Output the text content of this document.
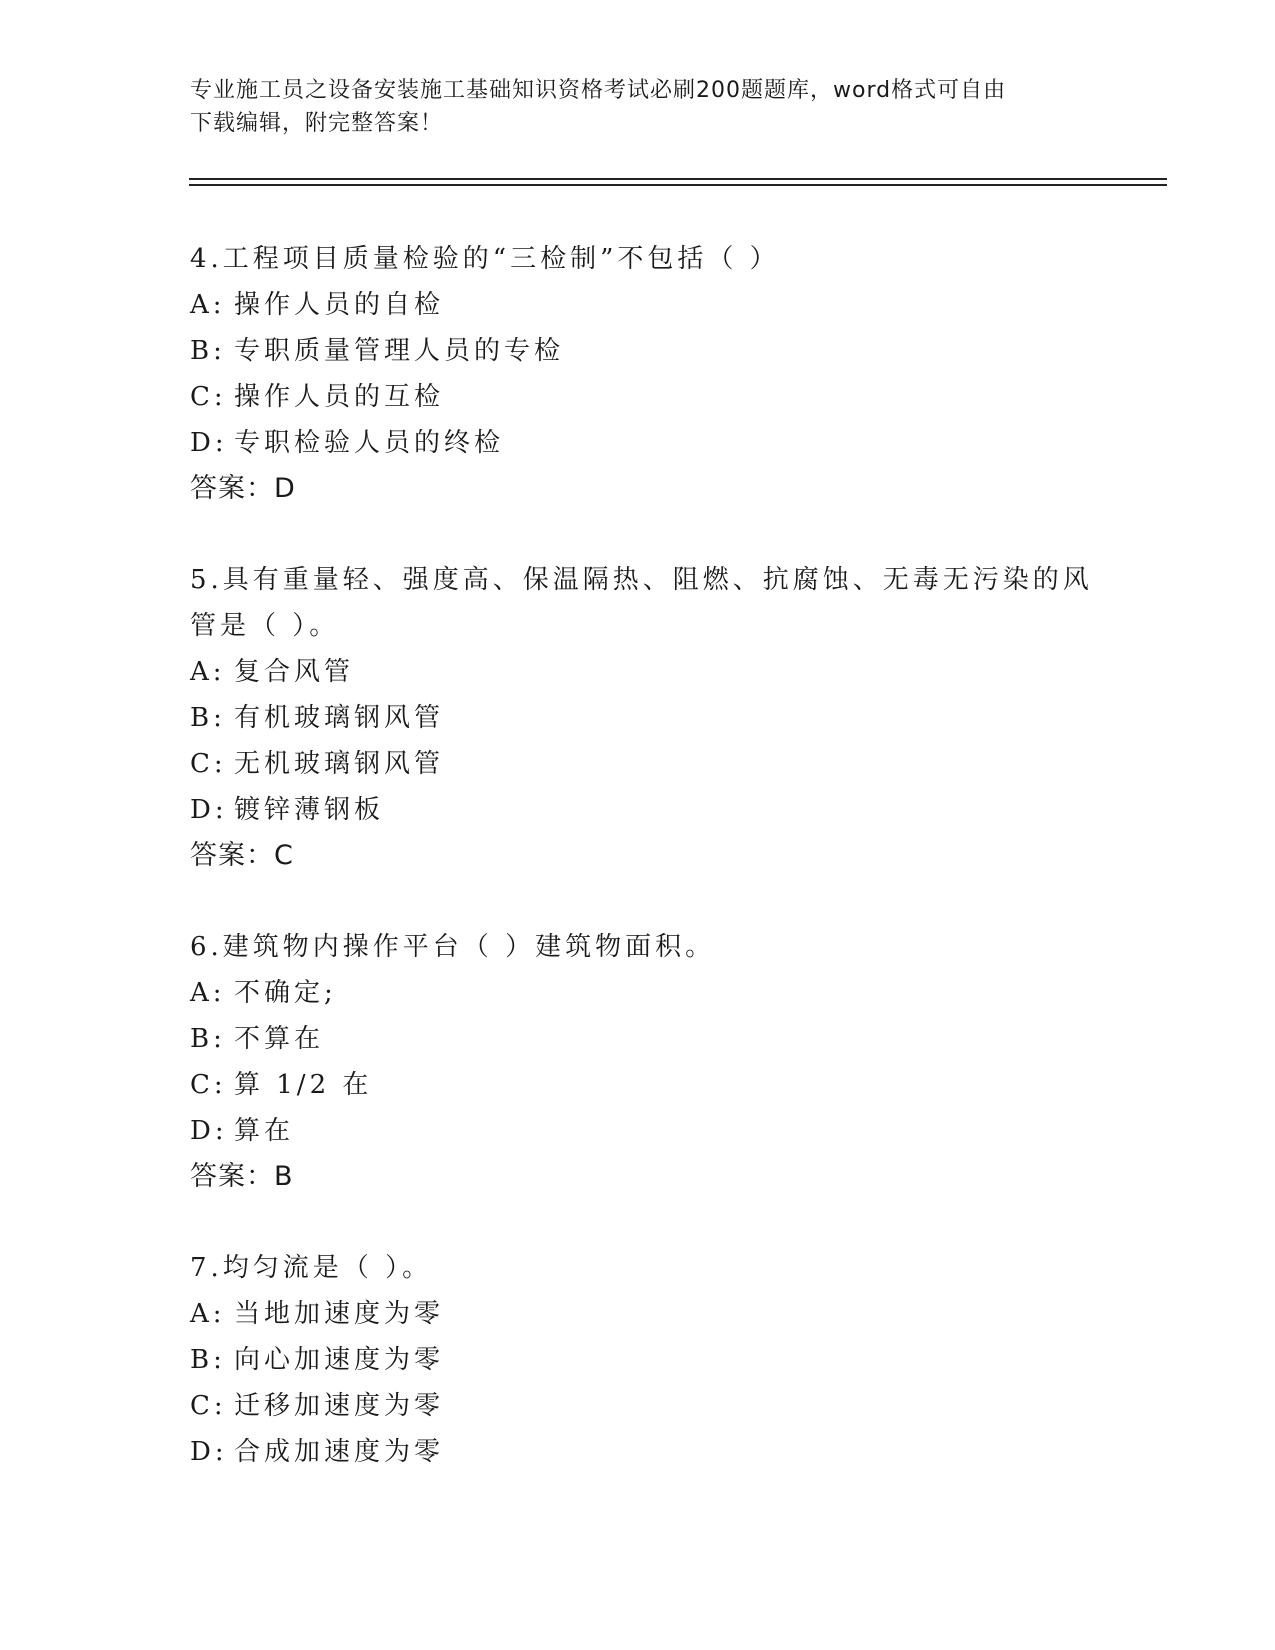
专业施工员之设备安装施工基础知识资格考试必刷200题题库，word格式可自由
下载编辑，附完整答案！
4.工程项目质量检验的“三检制”不包括（ ）
A: 操作人员的自检
B: 专职质量管理人员的专检
C: 操作人员的互检
D: 专职检验人员的终检
答案：D
5.具有重量轻、强度高、保温隔热、阻燃、抗腐蚀、无毒无污染的风
管是（ ）。
A: 复合风管
B: 有机玻璃钢风管
C: 无机玻璃钢风管
D: 镀锌薄钢板
答案：C
6.建筑物内操作平台（ ）建筑物面积。
A: 不确定;
B: 不算在
C: 算 1/2 在
D: 算在
答案：B
7.均匀流是（ ）。
A: 当地加速度为零
B: 向心加速度为零
C: 迁移加速度为零
D: 合成加速度为零
